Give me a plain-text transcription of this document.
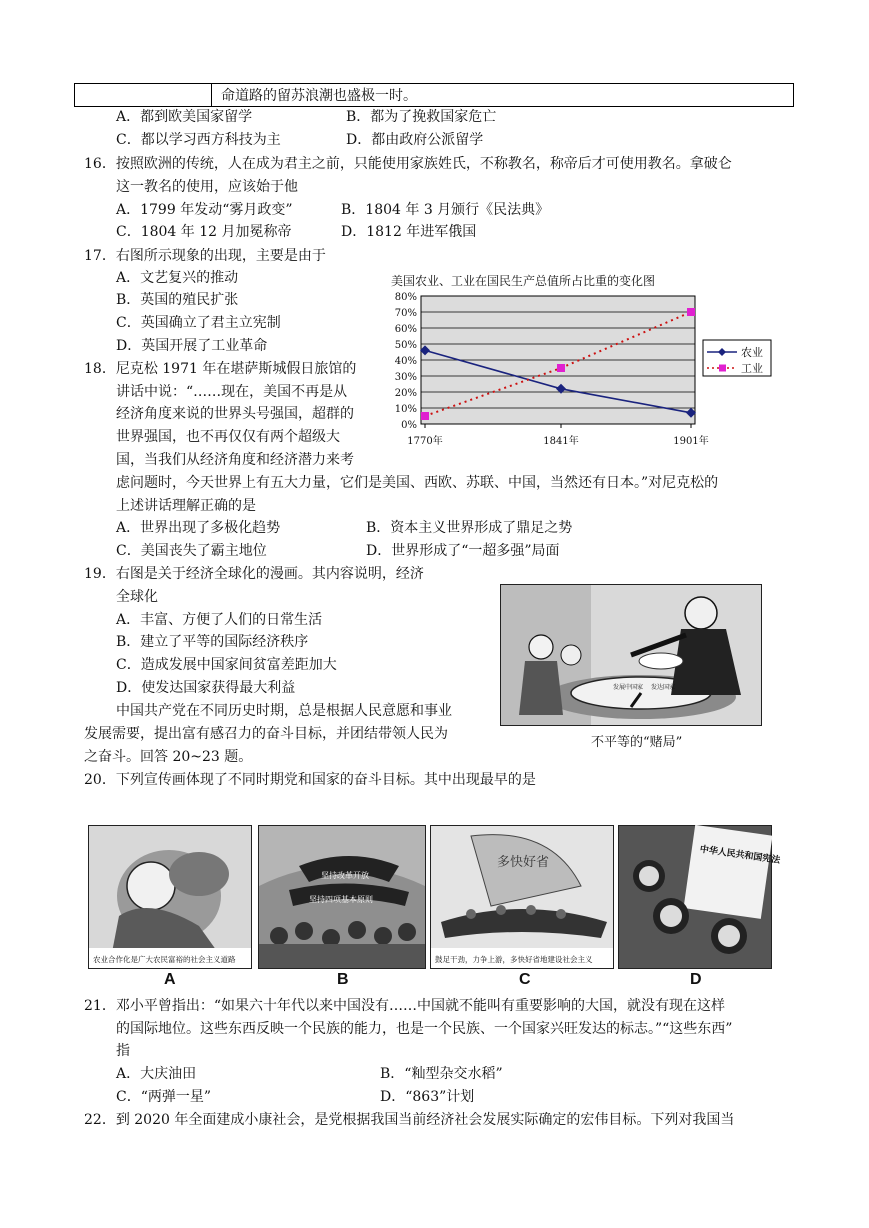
命道路的留苏浪潮也盛极一时。
A．都到欧美国家留学	B．都为了挽救国家危亡
C．都以学习西方科技为主	D．都由政府公派留学
16．按照欧洲的传统，人在成为君主之前，只能使用家族姓氏，不称教名，称帝后才可使用教名。拿破仑
这一教名的使用，应该始于他
A．1799 年发动“雾月政变”	B．1804 年 3 月颁行《民法典》
C．1804 年 12 月加冕称帝	D．1812 年进军俄国
17．右图所示现象的出现，主要是由于
A．文艺复兴的推动
B．英国的殖民扩张
C．英国确立了君主立宪制
D．英国开展了工业革命
美国农业、工业在国民生产总值所占比重的变化图
0%
10%
20%
30%
40%
50%
60%
70%
80%
1770年	1841年	1901年
农业
工业
18．尼克松 1971 年在堪萨斯城假日旅馆的
讲话中说：“……现在，美国不再是从
经济角度来说的世界头号强国，超群的
世界强国，也不再仅仅有两个超级大
国，当我们从经济角度和经济潜力来考
虑问题时，今天世界上有五大力量，它们是美国、西欧、苏联、中国，当然还有日本。”对尼克松的
上述讲话理解正确的是
A．世界出现了多极化趋势	B．资本主义世界形成了鼎足之势
C．美国丧失了霸主地位	D．世界形成了“一超多强”局面
19．右图是关于经济全球化的漫画。其内容说明，经济
全球化
A．丰富、方便了人们的日常生活
B．建立了平等的国际经济秩序
C．造成发展中国家间贫富差距加大
D．使发达国家获得最大利益	发展中国家 发达国家
不平等的“赌局”
中国共产党在不同历史时期，总是根据人民意愿和事业
发展需要，提出富有感召力的奋斗目标，并团结带领人民为
之奋斗。回答 20~23 题。
20．下列宣传画体现了不同时期党和国家的奋斗目标。其中出现最早的是
农业合作化是广大农民富裕的社会主义道路
坚持改革开放
坚持四项基本原则
多快好省
鼓足干劲，力争上游，多快好省地建设社会主义
中华人民共和国宪法
A	B	C	D
21．邓小平曾指出：“如果六十年代以来中国没有……中国就不能叫有重要影响的大国，就没有现在这样
的国际地位。这些东西反映一个民族的能力，也是一个民族、一个国家兴旺发达的标志。”“这些东西”
指
A．大庆油田	B．“籼型杂交水稻”
C．“两弹一星”	D．“863”计划
22．到 2020 年全面建成小康社会，是党根据我国当前经济社会发展实际确定的宏伟目标。下列对我国当
